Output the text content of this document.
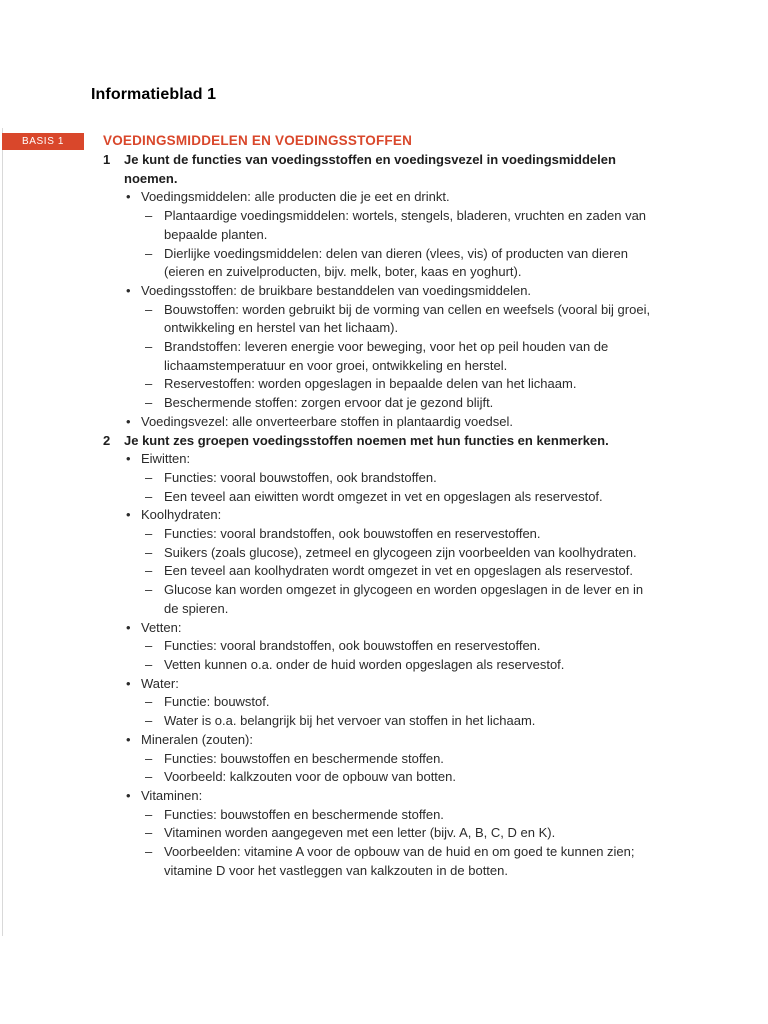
Informatieblad 1
BASIS 1	VOEDINGSMIDDELEN EN VOEDINGSSTOFFEN
1 Je kunt de functies van voedingsstoffen en voedingsvezel in voedingsmiddelen noemen.
• Voedingsmiddelen: alle producten die je eet en drinkt.
– Plantaardige voedingsmiddelen: wortels, stengels, bladeren, vruchten en zaden van bepaalde planten.
– Dierlijke voedingsmiddelen: delen van dieren (vlees, vis) of producten van dieren (eieren en zuivelproducten, bijv. melk, boter, kaas en yoghurt).
• Voedingsstoffen: de bruikbare bestanddelen van voedingsmiddelen.
– Bouwstoffen: worden gebruikt bij de vorming van cellen en weefsels (vooral bij groei, ontwikkeling en herstel van het lichaam).
– Brandstoffen: leveren energie voor beweging, voor het op peil houden van de lichaamstemperatuur en voor groei, ontwikkeling en herstel.
– Reservestoffen: worden opgeslagen in bepaalde delen van het lichaam.
– Beschermende stoffen: zorgen ervoor dat je gezond blijft.
• Voedingsvezel: alle onverteerbare stoffen in plantaardig voedsel.
2 Je kunt zes groepen voedingsstoffen noemen met hun functies en kenmerken.
• Eiwitten:
– Functies: vooral bouwstoffen, ook brandstoffen.
– Een teveel aan eiwitten wordt omgezet in vet en opgeslagen als reservestof.
• Koolhydraten:
– Functies: vooral brandstoffen, ook bouwstoffen en reservestoffen.
– Suikers (zoals glucose), zetmeel en glycogeen zijn voorbeelden van koolhydraten.
– Een teveel aan koolhydraten wordt omgezet in vet en opgeslagen als reservestof.
– Glucose kan worden omgezet in glycogeen en worden opgeslagen in de lever en in de spieren.
• Vetten:
– Functies: vooral brandstoffen, ook bouwstoffen en reservestoffen.
– Vetten kunnen o.a. onder de huid worden opgeslagen als reservestof.
• Water:
– Functie: bouwstof.
– Water is o.a. belangrijk bij het vervoer van stoffen in het lichaam.
• Mineralen (zouten):
– Functies: bouwstoffen en beschermende stoffen.
– Voorbeeld: kalkzouten voor de opbouw van botten.
• Vitaminen:
– Functies: bouwstoffen en beschermende stoffen.
– Vitaminen worden aangegeven met een letter (bijv. A, B, C, D en K).
– Voorbeelden: vitamine A voor de opbouw van de huid en om goed te kunnen zien; vitamine D voor het vastleggen van kalkzouten in de botten.
